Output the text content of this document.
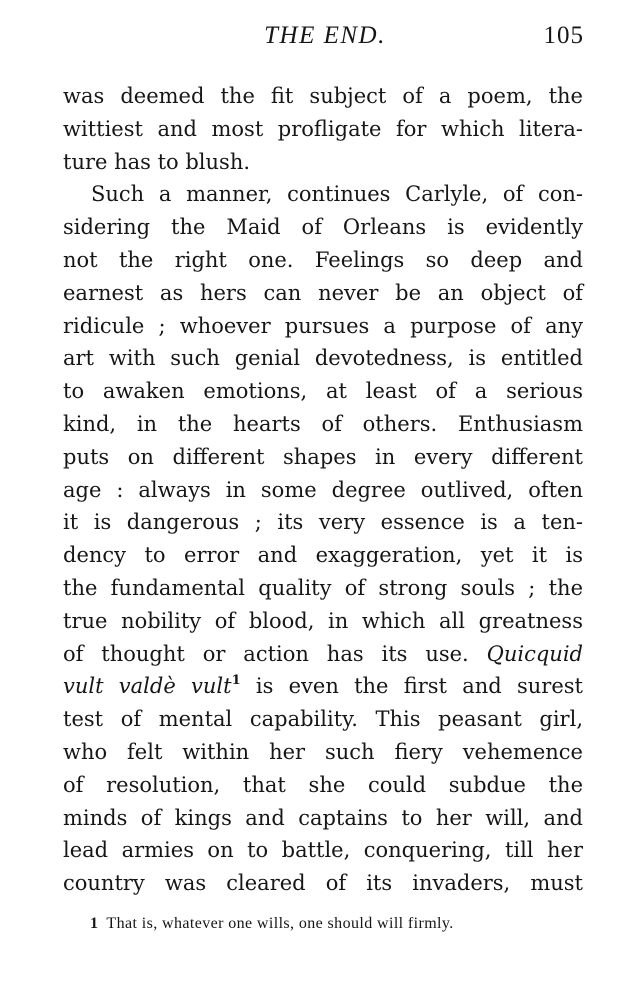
THE END.	105
was deemed the fit subject of a poem, the
wittiest and most profligate for which litera-
ture has to blush.
Such a manner, continues Carlyle, of con-
sidering the Maid of Orleans is evidently
not the right one. Feelings so deep and
earnest as hers can never be an object of
ridicule ; whoever pursues a purpose of any
art with such genial devotedness, is entitled
to awaken emotions, at least of a serious
kind, in the hearts of others. Enthusiasm
puts on different shapes in every different
age : always in some degree outlived, often
it is dangerous ; its very essence is a ten-
dency to error and exaggeration, yet it is
the fundamental quality of strong souls ; the
true nobility of blood, in which all greatness
of thought or action has its use. Quicquid
vult valdè vult$^1$ is even the first and surest
test of mental capability. This peasant girl,
who felt within her such fiery vehemence
of resolution, that she could subdue the
minds of kings and captains to her will, and
lead armies on to battle, conquering, till her
country was cleared of its invaders, must
1 That is, whatever one wills, one should will firmly.
